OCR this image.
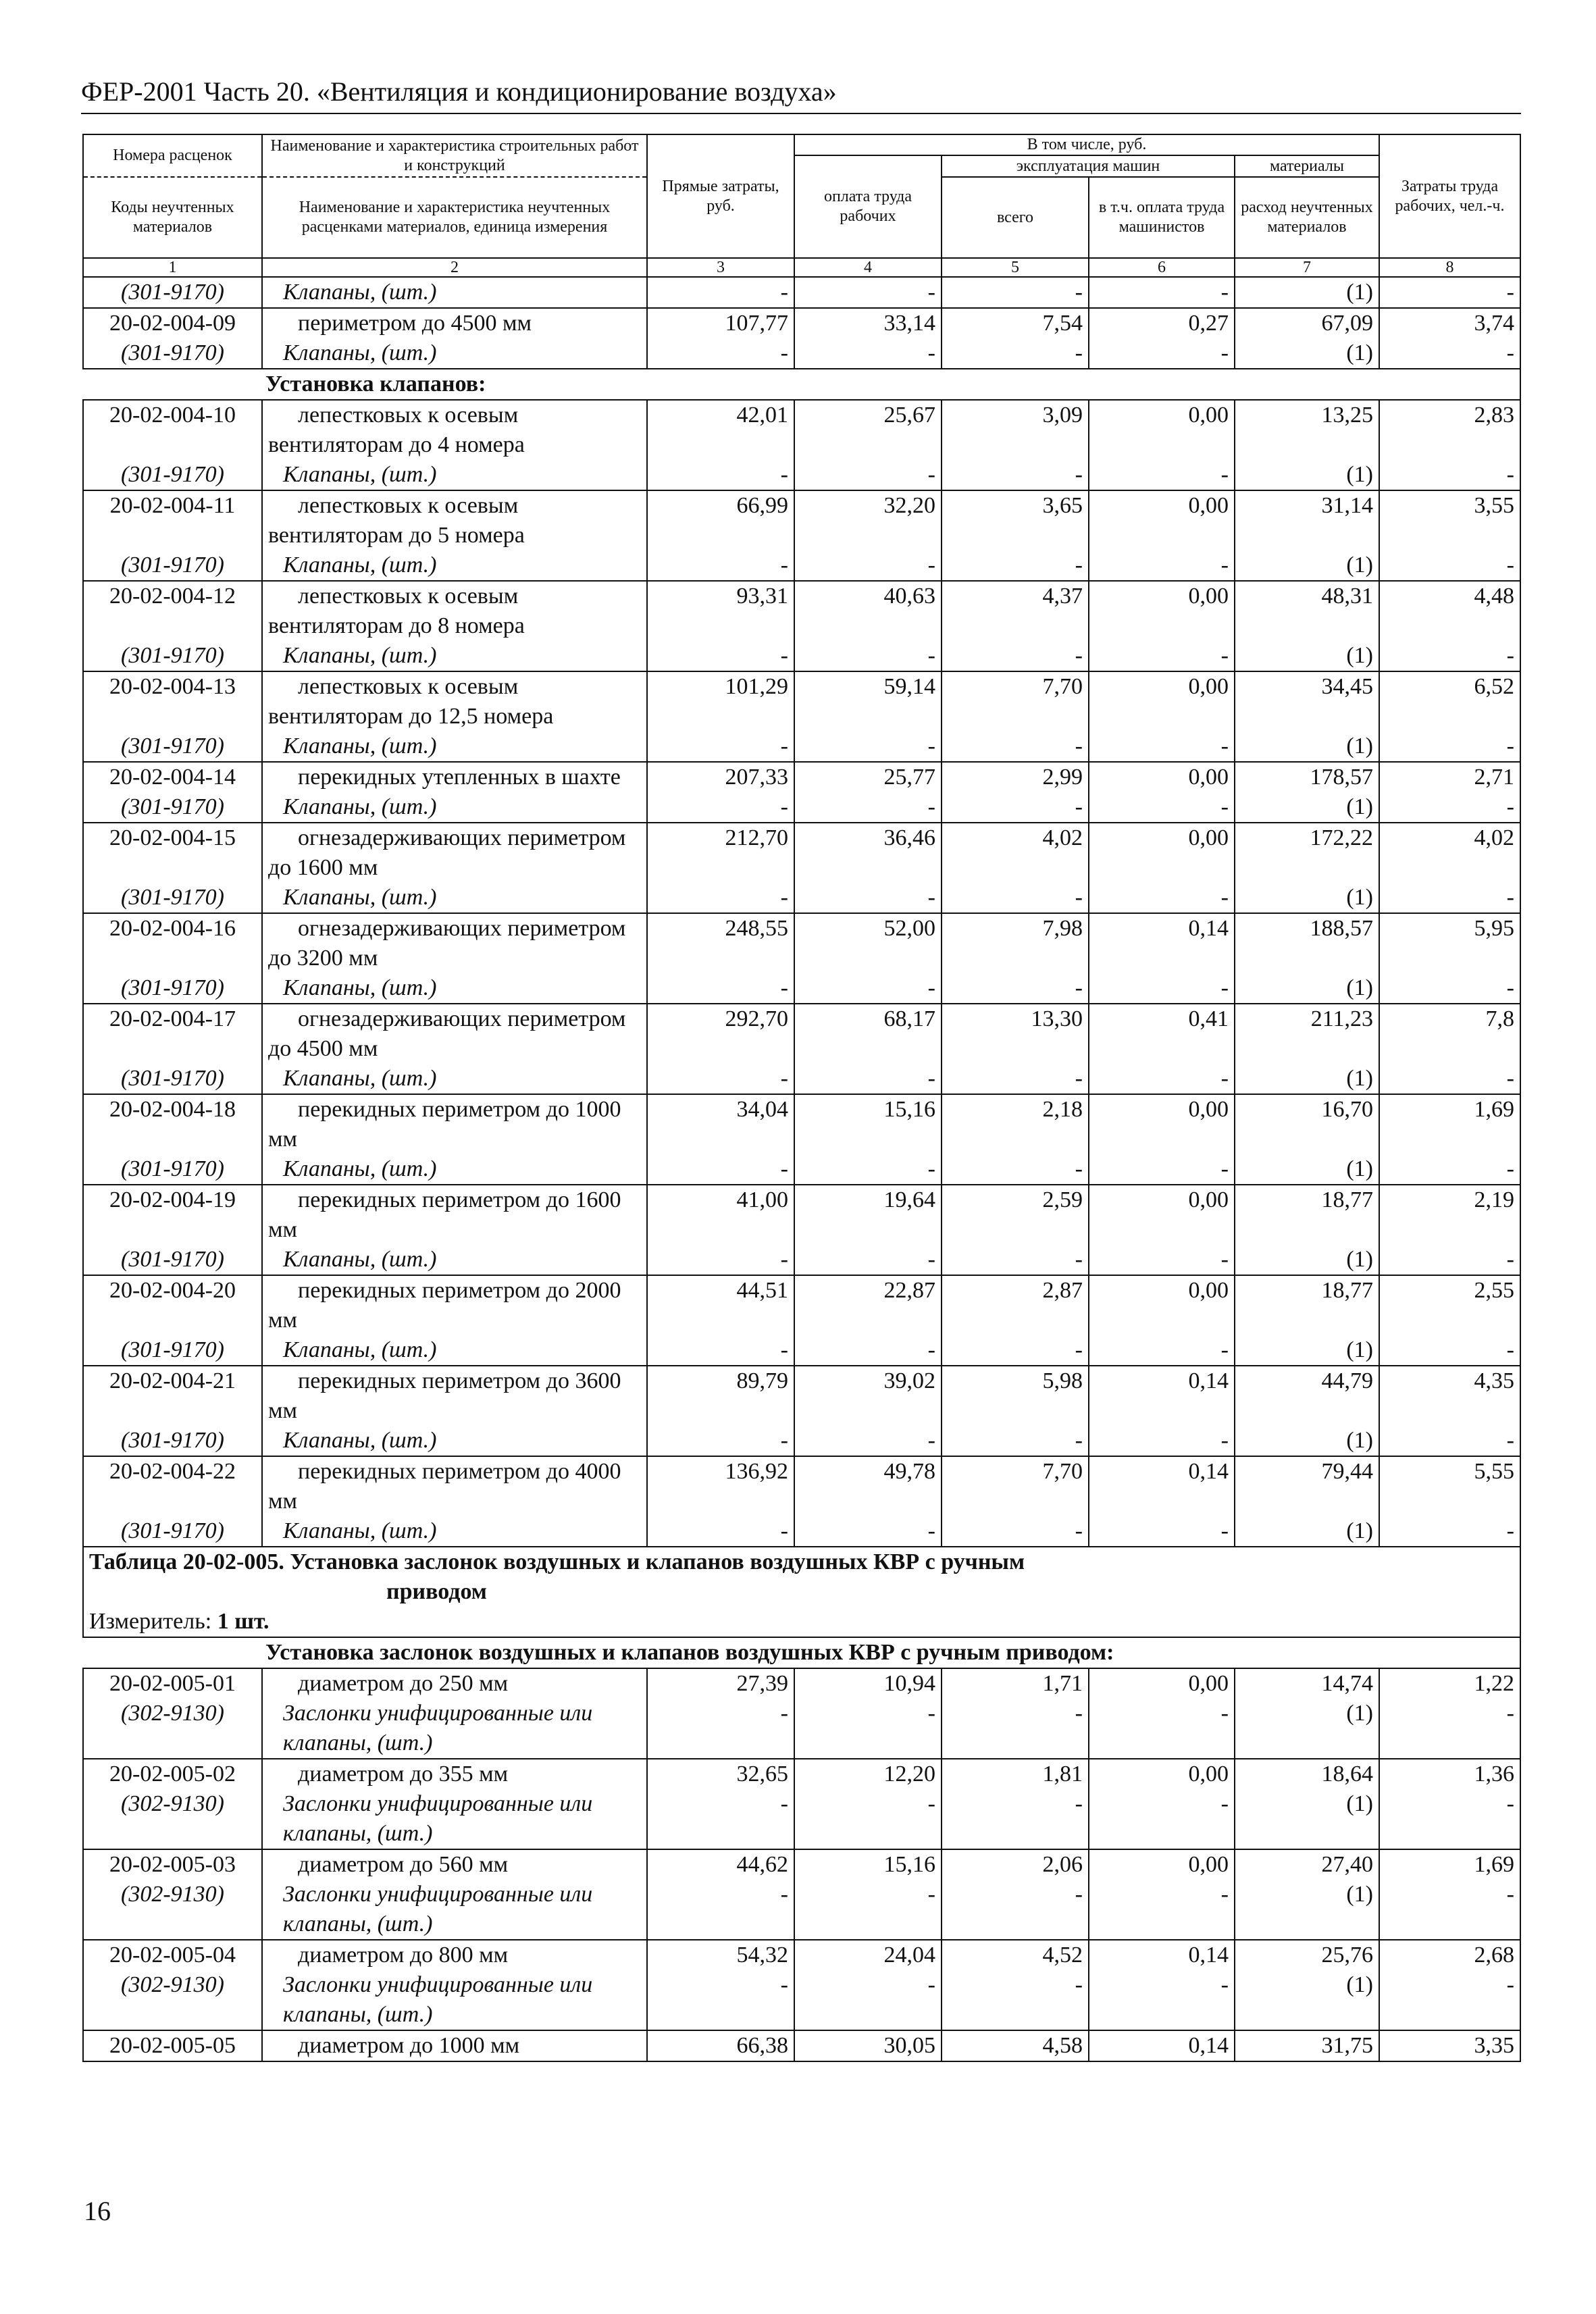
ФЕР-2001 Часть 20. «Вентиляция и кондиционирование воздуха»
Номера расценок	Наименование и характеристика строительных работ и конструкций	Прямые затраты, руб.	В том числе, руб.				Затраты труда рабочих, чел.-ч.
			оплата труда рабочих	эксплуатация машин		материалы	
Коды неучтенных материалов	Наименование и характеристика неучтенных расценками материалов, единица измерения			всего	в т.ч. оплата труда машинистов	расход неучтенных материалов	

1	2	3	4	5	6	7	8
(301-9170)	Клапаны, (шт.)	-	-	-	-	(1)	-
20-02-004-09	периметром до 4500 мм	107,77	33,14	7,54	0,27	67,09	3,74
(301-9170)	Клапаны, (шт.)	-	-	-	-	(1)	-
Установка клапанов:							
20-02-004-10	лепестковых к осевым вентиляторам до 4 номера	42,01	25,67	3,09	0,00	13,25	2,83
(301-9170)	Клапаны, (шт.)	-	-	-	-	(1)	-
20-02-004-11	лепестковых к осевым вентиляторам до 5 номера	66,99	32,20	3,65	0,00	31,14	3,55
(301-9170)	Клапаны, (шт.)	-	-	-	-	(1)	-
20-02-004-12	лепестковых к осевым вентиляторам до 8 номера	93,31	40,63	4,37	0,00	48,31	4,48
(301-9170)	Клапаны, (шт.)	-	-	-	-	(1)	-
20-02-004-13	лепестковых к осевым вентиляторам до 12,5 номера	101,29	59,14	7,70	0,00	34,45	6,52
(301-9170)	Клапаны, (шт.)	-	-	-	-	(1)	-
20-02-004-14	перекидных утепленных в шахте	207,33	25,77	2,99	0,00	178,57	2,71
(301-9170)	Клапаны, (шт.)	-	-	-	-	(1)	-
20-02-004-15	огнезадерживающих периметром до 1600 мм	212,70	36,46	4,02	0,00	172,22	4,02
(301-9170)	Клапаны, (шт.)	-	-	-	-	(1)	-
20-02-004-16	огнезадерживающих периметром до 3200 мм	248,55	52,00	7,98	0,14	188,57	5,95
(301-9170)	Клапаны, (шт.)	-	-	-	-	(1)	-
20-02-004-17	огнезадерживающих периметром до 4500 мм	292,70	68,17	13,30	0,41	211,23	7,8
(301-9170)	Клапаны, (шт.)	-	-	-	-	(1)	-
20-02-004-18	перекидных периметром до 1000 мм	34,04	15,16	2,18	0,00	16,70	1,69
(301-9170)	Клапаны, (шт.)	-	-	-	-	(1)	-
20-02-004-19	перекидных периметром до 1600 мм	41,00	19,64	2,59	0,00	18,77	2,19
(301-9170)	Клапаны, (шт.)	-	-	-	-	(1)	-
20-02-004-20	перекидных периметром до 2000 мм	44,51	22,87	2,87	0,00	18,77	2,55
(301-9170)	Клапаны, (шт.)	-	-	-	-	(1)	-
20-02-004-21	перекидных периметром до 3600 мм	89,79	39,02	5,98	0,14	44,79	4,35
(301-9170)	Клапаны, (шт.)	-	-	-	-	(1)	-
20-02-004-22	перекидных периметром до 4000 мм	136,92	49,78	7,70	0,14	79,44	5,55
(301-9170)	Клапаны, (шт.)	-	-	-	-	(1)	-
Таблица 20-02-005. Установка заслонок воздушных и клапанов воздушных КВР с ручным
приводом							

Измеритель: 1 шт.							
Установка заслонок воздушных и клапанов воздушных КВР с ручным приводом:							
20-02-005-01	диаметром до 250 мм	27,39	10,94	1,71	0,00	14,74	1,22
(302-9130)	Заслонки унифицированные или клапаны, (шт.)	-	-	-	-	(1)	-
20-02-005-02	диаметром до 355 мм	32,65	12,20	1,81	0,00	18,64	1,36
(302-9130)	Заслонки унифицированные или клапаны, (шт.)	-	-	-	-	(1)	-
20-02-005-03	диаметром до 560 мм	44,62	15,16	2,06	0,00	27,40	1,69
(302-9130)	Заслонки унифицированные или клапаны, (шт.)	-	-	-	-	(1)	-
20-02-005-04	диаметром до 800 мм	54,32	24,04	4,52	0,14	25,76	2,68
(302-9130)	Заслонки унифицированные или клапаны, (шт.)	-	-	-	-	(1)	-
20-02-005-05	диаметром до 1000 мм	66,38	30,05	4,58	0,14	31,75	3,35
16
